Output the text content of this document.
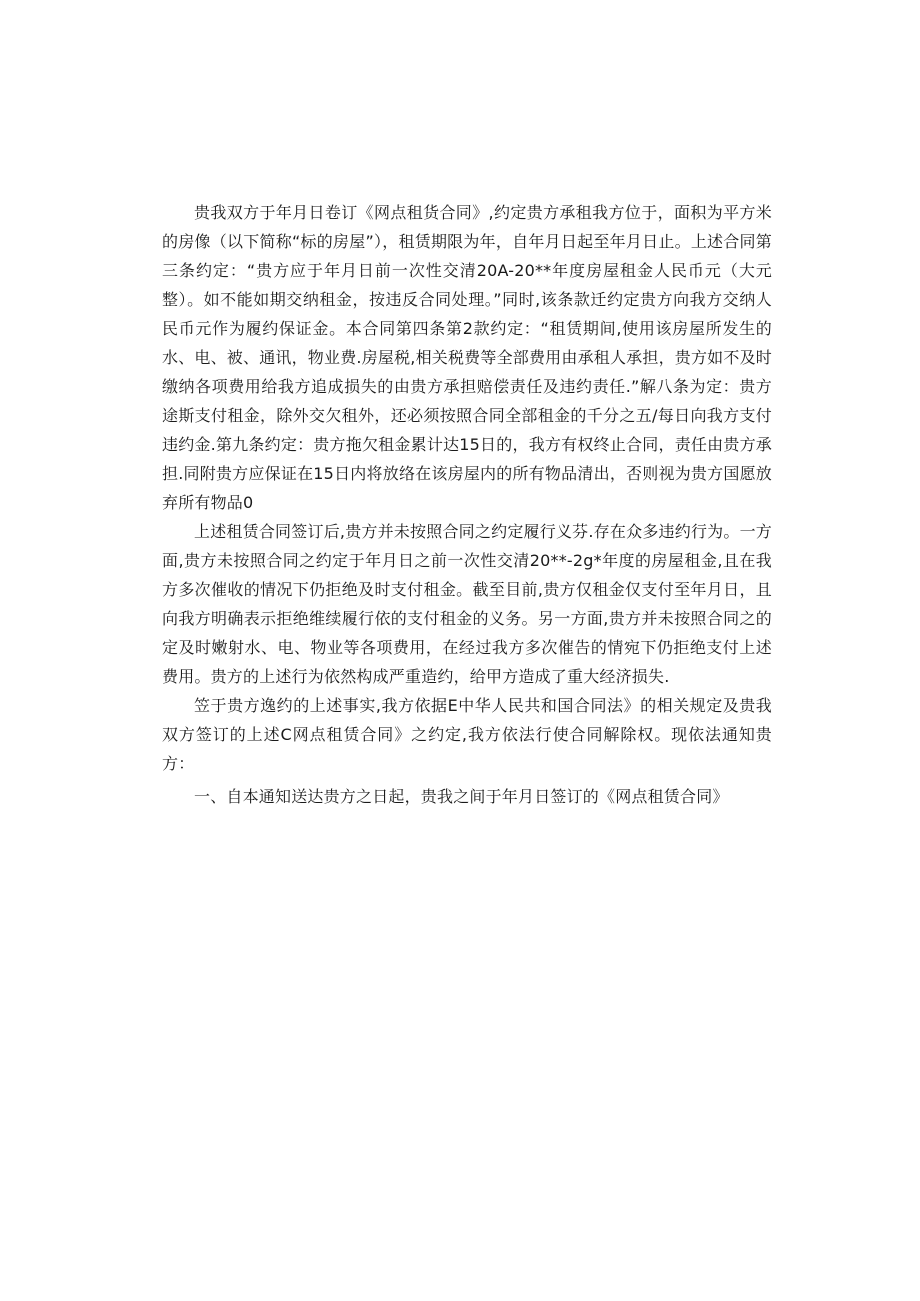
贵我双方于年月日卷订《网点租货合同》,约定贵方承租我方位于，面积为平方米的房像（以下简称“标的房屋”），租赁期限为年，自年月日起至年月日止。上述合同第三条约定：“贵方应于年月日前一次性交清20A-20**年度房屋租金人民币元（大元整）。如不能如期交纳租金，按违反合同处理。”同时,该条款迁约定贵方向我方交纳人民币元作为履约保证金。本合同第四条第2款约定：“租赁期间,使用该房屋所发生的水、电、被、通讯，物业费.房屋税,相关税费等全部费用由承租人承担，贵方如不及时缴纳各项费用给我方追成损失的由贵方承担赔偿责任及违约责任.”解八条为定：贵方途斯支付租金，除外交欠租外，还必须按照合同全部租金的千分之五/每日向我方支付违约金.第九条约定：贵方拖欠租金累计达15日的，我方有权终止合同，责任由贵方承担.同附贵方应保证在15日内将放络在该房屋内的所有物品清出，否则视为贵方国愿放弃所有物品0

上述租赁合同签订后,贵方并未按照合同之约定履行义芬.存在众多违约行为。一方面,贵方未按照合同之约定于年月日之前一次性交清20**-2g*年度的房屋租金,且在我方多次催收的情况下仍拒绝及时支付租金。截至目前,贵方仅租金仅支付至年月日，且向我方明确表示拒绝维续履行依的支付租金的义务。另一方面,贵方并未按照合同之的定及时嫩射水、电、物业等各项费用，在经过我方多次催告的情宛下仍拒绝支付上述费用。贵方的上述行为依然构成严重造约，给甲方造成了重大经济损失.

笠于贵方逸约的上述事实,我方依据E中华人民共和国合同法》的相关规定及贵我双方签订的上述C网点租赁合同》之约定,我方依法行使合同解除权。现依法通知贵方：

一、自本通知送达贵方之日起，贵我之间于年月日签订的《网点租赁合同》
